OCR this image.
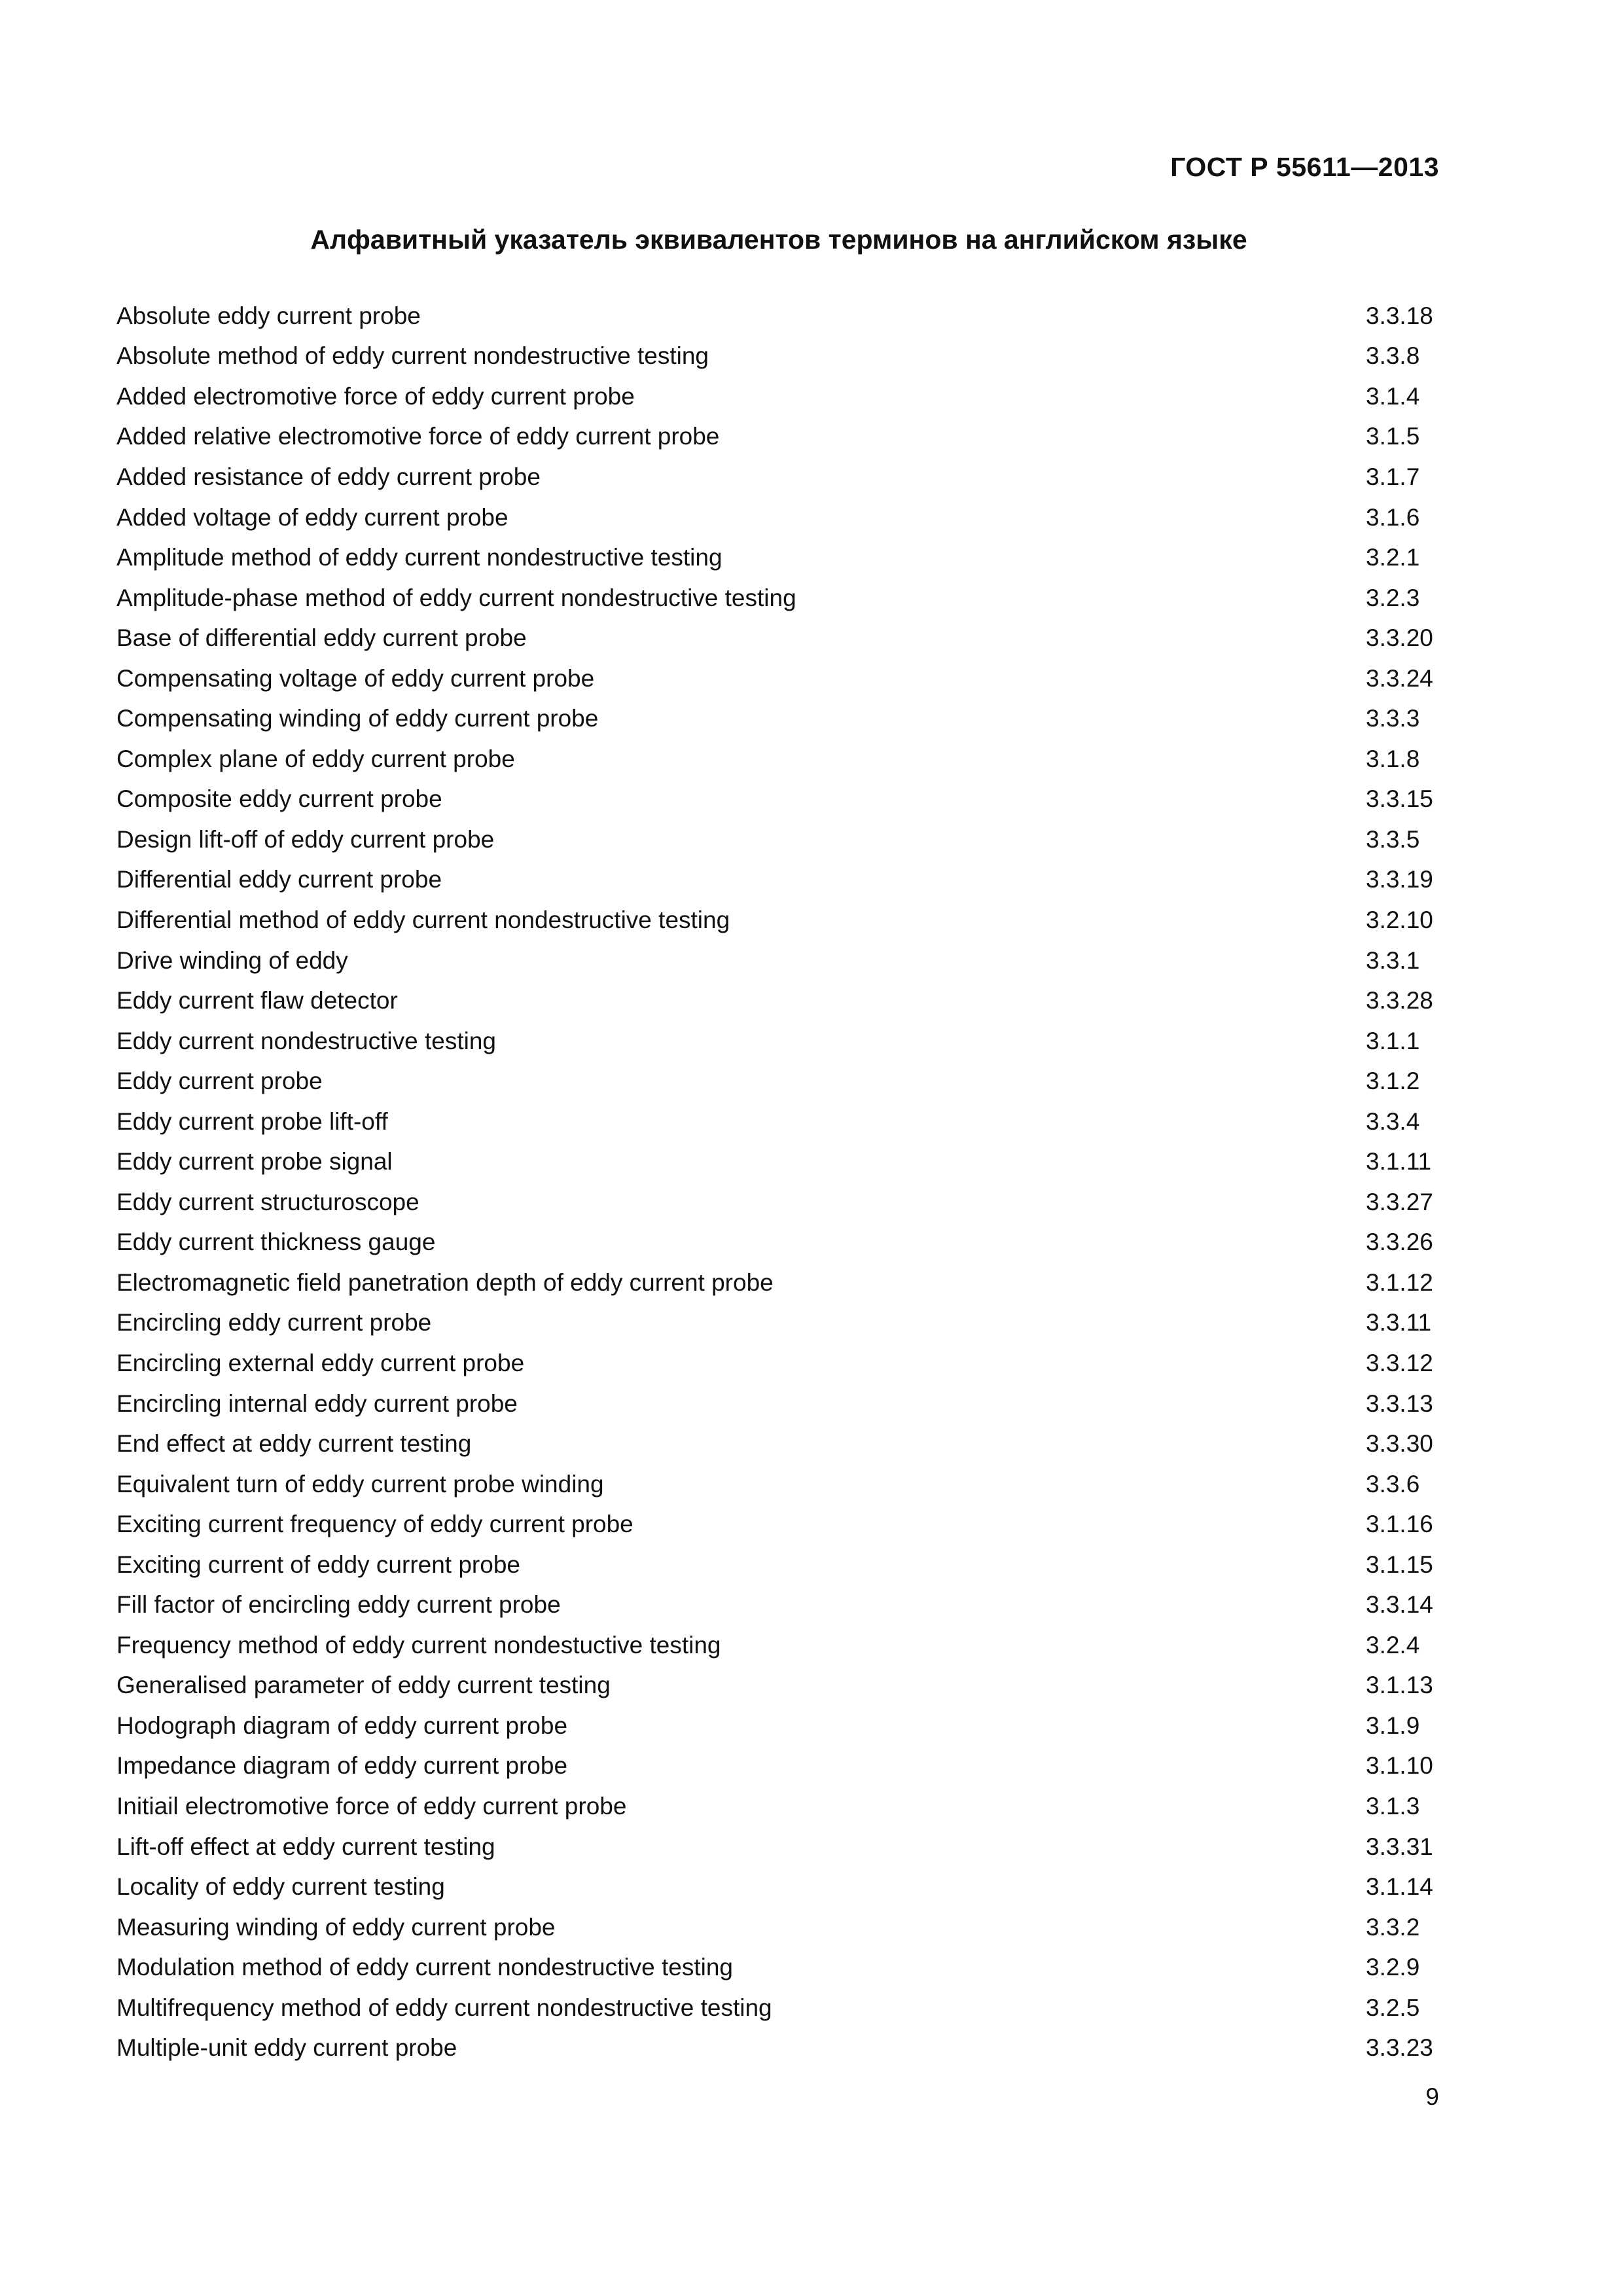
ГОСТ Р 55611—2013
Алфавитный указатель эквивалентов терминов на английском языке
Absolute eddy current probe	3.3.18
Absolute method of eddy current nondestructive testing	3.3.8
Added electromotive force of eddy current probe	3.1.4
Added relative electromotive force of eddy current probe	3.1.5
Added resistance of eddy current probe	3.1.7
Added voltage of eddy current probe	3.1.6
Amplitude method of eddy current nondestructive testing	3.2.1
Amplitude-phase method of eddy current nondestructive testing	3.2.3
Base of differential eddy current probe	3.3.20
Compensating voltage of eddy current probe	3.3.24
Compensating winding of eddy current probe	3.3.3
Complex plane of eddy current probe	3.1.8
Composite eddy current probe	3.3.15
Design lift-off of eddy current probe	3.3.5
Differential eddy current probe	3.3.19
Differential method of eddy current nondestructive testing	3.2.10
Drive winding of eddy	3.3.1
Eddy current flaw detector	3.3.28
Eddy current nondestructive testing	3.1.1
Eddy current probe	3.1.2
Eddy current probe lift-off	3.3.4
Eddy current probe signal	3.1.11
Eddy current structuroscope	3.3.27
Eddy current thickness gauge	3.3.26
Electromagnetic field panetration depth of eddy current probe	3.1.12
Encircling eddy current probe	3.3.11
Encircling external eddy current probe	3.3.12
Encircling internal eddy current probe	3.3.13
End effect at eddy current testing	3.3.30
Equivalent turn of eddy current probe winding	3.3.6
Exciting current frequency of eddy current probe	3.1.16
Exciting current of eddy current probe	3.1.15
Fill factor of encircling eddy current probe	3.3.14
Frequency method of eddy current nondestuctive testing	3.2.4
Generalised parameter of eddy current testing	3.1.13
Hodograph diagram of eddy current probe	3.1.9
Impedance diagram of eddy current probe	3.1.10
Initiail electromotive force of eddy current probe	3.1.3
Lift-off effect at eddy current testing	3.3.31
Locality of eddy current testing	3.1.14
Measuring winding of eddy current probe	3.3.2
Modulation method of eddy current nondestructive testing	3.2.9
Multifrequency method of eddy current nondestructive testing	3.2.5
Multiple-unit eddy current probe	3.3.23
9
